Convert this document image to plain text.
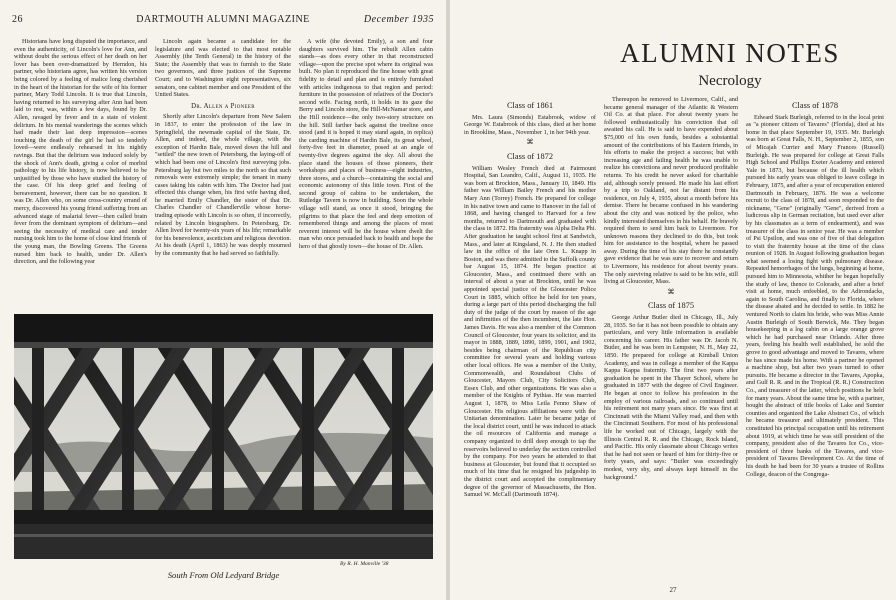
26	DARTMOUTH ALUMNI MAGAZINE	December 1935

Historians have long disputed the importance, and even the authenticity, of Lincoln's love for Ann, and without doubt the serious effect of her death on her lover has been over-dramatized by Herndon, his partner, who historians agree, has written his version being colored by a feeling of malice long cherished in the heart of the historian for the wife of his former partner, Mary Todd Lincoln. It is true that Lincoln, having returned to his surveying after Ann had been laid to rest, was, within a few days, found by Dr. Allen, ravaged by fever and in a state of violent delirium. In his mental wanderings the scenes which had made their last deep impression—scenes touching the death of the girl he had so tenderly loved—were endlessly rehearsed in his nightly ravings. But that the delirium was induced solely by the shock of Ann's death, giving a color of morbid pathology to his life history, is now believed to be unjustified by those who have studied the history of the case. Of his deep grief and feeling of bereavement, however, there can be no question. It was Dr. Allen who, on some cross-country errand of mercy, discovered his young friend suffering from an advanced stage of malarial fever—then called brain fever from the dominant symptom of delirium—and seeing the necessity of medical care and tender nursing took him to the home of close kind friends of the young man, the Bowling Greens. The Greens nursed him back to health, under Dr. Allen's direction, and the following year

Lincoln again became a candidate for the legislature and was elected to that most notable Assembly (the Tenth General) in the history of the State; the Assembly that was to furnish to the State two governors, and three justices of the Supreme Court; and to Washington eight representatives, six senators, one cabinet member and one President of the United States.

Dr. Allen a Pioneer

Shortly after Lincoln's departure from New Salem in 1837, to enter the profession of the law in Springfield, the newmade capital of the State, Dr. Allen, and indeed, the whole village, with the exception of Hardin Bale, moved down the hill and "settled" the new town of Petersburg, the laying-off of which had been one of Lincoln's first surveying jobs. Petersburg lay but two miles to the north so that such removals were extremely simple; the tenant in many cases taking his cabin with him. The Doctor had just effected this change when, his first wife having died, he married Emily Chandler, the sister of that Dr. Charles Chandler of Chandlerville whose horse-trading episode with Lincoln is so often, if incorrectly, related by Lincoln biographers. In Petersburg, Dr. Allen lived for twenty-six years of his life; remarkable for his benevolence, asceticism and religious devotion. At his death (April 1, 1863) he was deeply mourned by the community that he had served so faithfully.

A wife (the devoted Emily), a son and four daughters survived him. The rebuilt Allen cabin stands—as does every other in that reconstructed village—upon the precise spot where its original was built. No plan it reproduced the fine house with great fidelity to detail and plan and is entirely furnished with articles indigenous to that region and period: furniture in the possession of relatives of the Doctor's second wife. Facing north, it holds in its gaze the Berry and Lincoln store, the Hill-McNamar store, and the Hill residence—the only two-story structure on the hill. Still farther back against the treeline once stood (and it is hoped it may stand again, in replica) the carding machine of Hardin Bale, its great wheel, forty-five feet in diameter, posed at an angle of twenty-five degrees against the sky. All about the place stand the houses of those pioneers, their workshops and places of business—eight industries, three stores, and a church—containing the social and economic autonomy of this little town. First of the second group of cabins to be undertaken, the Rutledge Tavern is now in building. Soon the whole village will stand, as once it stood, bringing the pilgrims to that place the feel and deep emotion of remembered things and among the places of most reverent interest will be the house where dwelt the man who once persuaded back to health and hope the hero of that ghostly town—the house of Dr. Allen.

By R. H. Manville '38
South From Old Ledyard Bridge
ALUMNI NOTES
Necrology
Class of 1861

Mrs. Laura (Simonds) Estabrook, widow of George W. Estabrook of this class, died at her home in Brookline, Mass., November 1, in her 94th year.

⌘
Class of 1872

William Wesley French died at Fairmount Hospital, San Leandro, Calif., August 11, 1935. He was born at Brockton, Mass., January 10, 1849. His father was William Bailey French and his mother Mary Ann (Torrey) French. He prepared for college in his native town and came to Hanover in the fall of 1868, and having changed to Harvard for a few months, returned to Dartmouth and graduated with the class in 1872. His fraternity was Alpha Delta Phi. After graduation he taught school first at Sandwich, Mass., and later at Kingsland, N. J. He then studied law in the office of the late Oren L. Knapp in Boston, and was there admitted to the Suffolk county bar August 15, 1874. He began practice at Gloucester, Mass., and continued there with an interval of about a year at Brockton, until he was appointed special justice of the Gloucester Police Court in 1885, which office he held for ten years, during a large part of this period discharging the full duty of the judge of the court by reason of the age and infirmities of the then incumbent, the late Hon. James Davis. He was also a member of the Common Council of Gloucester, four years its solicitor, and its mayor in 1888, 1889, 1890, 1899, 1901, and 1902, besides being chairman of the Republican city committee for several years and holding various other local offices. He was a member of the Unity, Commonwealth, and Roundabout Clubs of Gloucester, Mayors Club, City Solicitors Club, Essex Club, and other organizations. He was also a member of the Knights of Pythias. He was married August 1, 1878, to Miss Leila Fenno Shaw of Gloucester. His religious affiliations were with the Unitarian denomination. Later he became judge of the local district court, until he was induced to attack the oil resources of California and manage a company organized to drill deep enough to tap the reservoirs believed to underlay the section controlled by the company. For two years he attended to that business at Gloucester, but found that it occupied so much of his time that he resigned his judgeship in the district court and accepted the complimentary degree of the governor of Massachusetts, the Hon. Samuel W. McCall (Dartmouth 1874).

Thereupon he removed to Livermore, Calif., and became general manager of the Atlantic & Western Oil Co. at that place. For about twenty years he followed enthusiastically his conviction that oil awaited his call. He is said to have expended about $75,000 of his own funds, besides a substantial amount of the contributions of his Eastern friends, in his efforts to make the project a success; but with increasing age and failing health he was unable to realize his convictions and never produced profitable returns. To his credit he never asked for charitable aid, although sorely pressed. He made his last effort by a trip to Oakland, not far distant from his residence, on July 4, 1935, about a month before his demise. There he became confused in his wandering about the city and was noticed by the police, who kindly interested themselves in his behalf. He bravely required them to send him back to Livermore. For unknown reasons they declined to do this, but took him for assistance to the hospital, where he passed away. During the time of his stay there he constantly gave evidence that he was sure to recover and return to Livermore, his residence for about twenty years. The only surviving relative is said to be his wife, still living at Gloucester, Mass.

⌘
Class of 1875

George Arthur Butler died in Chicago, Ill., July 28, 1935. So far it has not been possible to obtain any particulars, and very little information is available concerning his career. His father was Dr. Jacob N. Butler, and he was born in Lempster, N. H., May 22, 1850. He prepared for college at Kimball Union Academy, and was in college a member of the Kappa Kappa Kappa fraternity. The first two years after graduation he spent in the Thayer School, where he graduated in 1877 with the degree of Civil Engineer. He began at once to follow his profession in the employ of various railroads, and so continued until his retirement not many years since. He was first at Cincinnati with the Miami Valley road, and then with the Cincinnati Southern. For most of his professional life he worked out of Chicago, largely with the Illinois Central R. R. and the Chicago, Rock Island, and Pacific. His only classmate about Chicago writes that he had not seen or heard of him for thirty-five or forty years, and says: "Butler was exceedingly modest, very shy, and always kept himself in the background."

Class of 1878

Edward Stark Burleigh, referred to in the local print as "a pioneer citizen of Tavares" (Florida), died at his home in that place September 19, 1935. Mr. Burleigh was born at Great Falls, N. H., September 2, 1855, son of Micajah Currier and Mary Frances (Russell) Burleigh. He was prepared for college at Great Falls High School and Phillips Exeter Academy and entered Yale in 1873, but because of the ill health which pursued his early years was obliged to leave college in February, 1875, and after a year of recuperation entered Dartmouth in February, 1876. He was a welcome recruit to the class of 1878, and soon responded to the nickname, "Gene" (originally "Gene", derived from a ludicrous slip in German recitation, but used ever after by his classmates as a term of endearment), and was treasurer of the class in senior year. He was a member of Psi Upsilon, and was one of five of that delegation to visit the fraternity house at the time of the class reunion of 1928. In August following graduation began what seemed a losing fight with pulmonary disease. Repeated hemorrhages of the lungs, beginning at home, pursued him to Minnesota, whither he began hopefully the study of law, thence to Colorado, and after a brief visit at home, much enfeebled, to the Adirondacks, again to South Carolina, and finally to Florida, where the disease abated and he decided to settle. In 1882 he ventured North to claim his bride, who was Miss Annie Austin Burleigh of South Berwick, Me. They began housekeeping in a log cabin on a large orange grove which he had purchased near Orlando. After three years, feeling his health well established, he sold the grove to good advantage and moved to Tavares, where he has since made his home. With a partner he opened a machine shop, but after two years turned to other pursuits. He became a director in the Tavares, Apopka, and Gulf R. R. and in the Tropical (R. R.) Construction Co., and treasurer of the latter, which positions he held for many years. About the same time he, with a partner, bought the abstract of title books of Lake and Sumter counties and organized the Lake Abstract Co., of which he became treasurer and ultimately president. This constituted his principal occupation until his retirement about 1919, at which time he was still president of the company, president also of the Tavares Ice Co., vice-president of three banks of the Tavares, and vice-president of Tavares Development Co. At the time of his death he had been for 30 years a trustee of Rollins College, deacon of the Congrega-

27
